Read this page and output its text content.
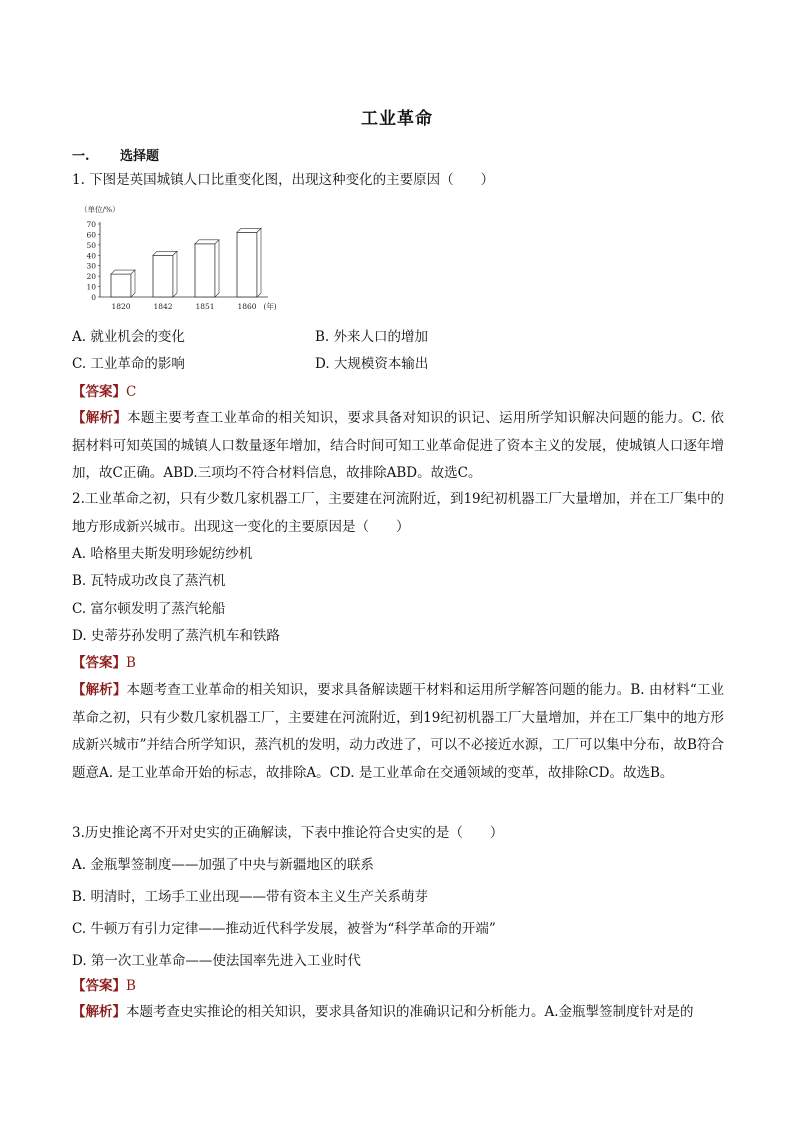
工业革命
一. 选择题
1. 下图是英国城镇人口比重变化图，出现这种变化的主要原因（　　）
（单位/%）
70
60
50
40
30
20
10
0
1820	1842	1851	1860 (年)
A. 就业机会的变化	B. 外来人口的增加
C. 工业革命的影响	D. 大规模资本输出
【答案】C

【解析】本题主要考查工业革命的相关知识，要求具备对知识的识记、运用所学知识解决问题的能力。C. 依据材料可知英国的城镇人口数量逐年增加，结合时间可知工业革命促进了资本主义的发展，使城镇人口逐年增加，故C正确。ABD.三项均不符合材料信息，故排除ABD。故选C。

2.工业革命之初，只有少数几家机器工厂，主要建在河流附近，到19纪初机器工厂大量增加，并在工厂集中的地方形成新兴城市。出现这一变化的主要原因是（　　）

A. 哈格里夫斯发明珍妮纺纱机
B. 瓦特成功改良了蒸汽机
C. 富尔顿发明了蒸汽轮船
D. 史蒂芬孙发明了蒸汽机车和铁路
【答案】B

【解析】本题考查工业革命的相关知识，要求具备解读题干材料和运用所学解答问题的能力。B. 由材料“工业革命之初，只有少数几家机器工厂，主要建在河流附近，到19纪初机器工厂大量增加，并在工厂集中的地方形成新兴城市”并结合所学知识，蒸汽机的发明，动力改进了，可以不必接近水源，工厂可以集中分布，故B符合题意A. 是工业革命开始的标志，故排除A。CD. 是工业革命在交通领域的变革，故排除CD。故选B。

3.历史推论离不开对史实的正确解读，下表中推论符合史实的是（　　）
A. 金瓶掣签制度——加强了中央与新疆地区的联系
B. 明清时，工场手工业出现——带有资本主义生产关系萌芽
C. 牛顿万有引力定律——推动近代科学发展，被誉为“科学革命的开端”
D. 第一次工业革命——使法国率先进入工业时代
【答案】B
【解析】本题考查史实推论的相关知识，要求具备知识的准确识记和分析能力。A.金瓶掣签制度针对是的
